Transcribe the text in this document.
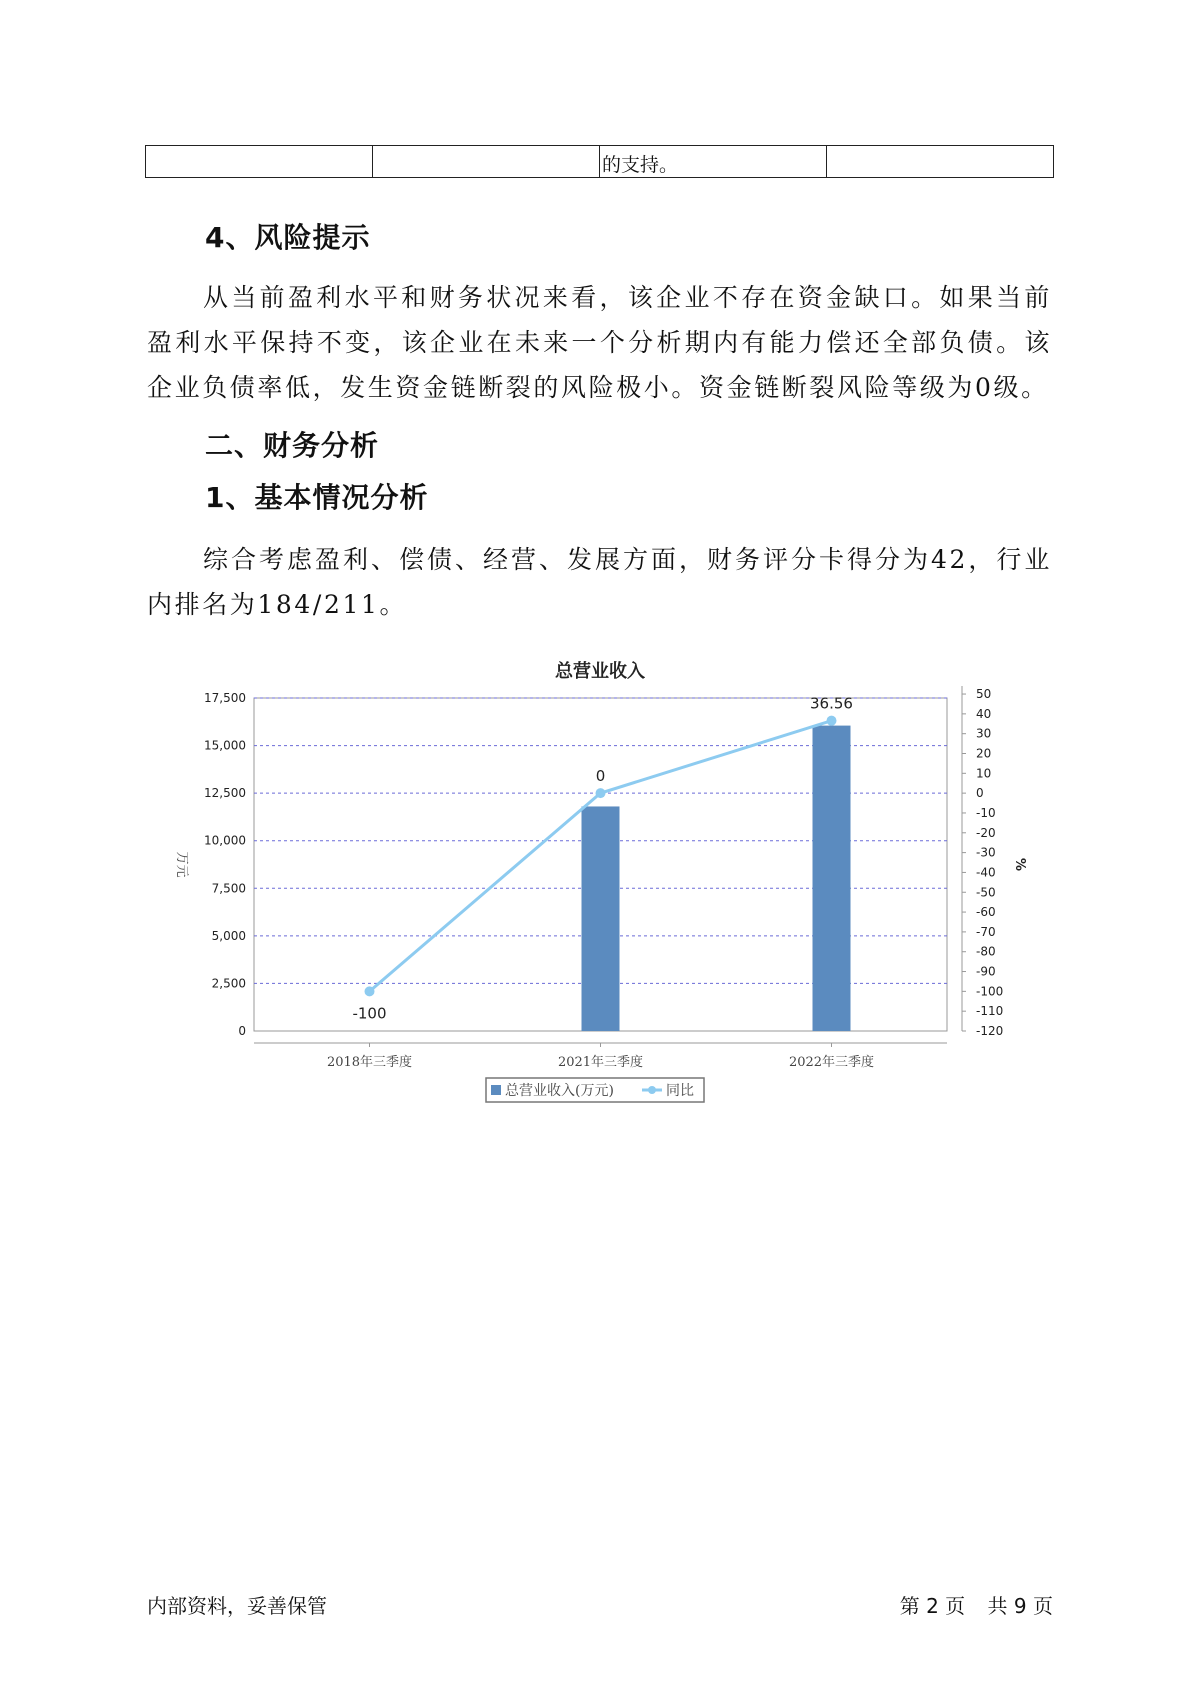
的支持。

4、风险提示

从当前盈利水平和财务状况来看，该企业不存在资金缺口。如果当前盈利水平保持不变，该企业在未来一个分析期内有能力偿还全部负债。该企业负债率低，发生资金链断裂的风险极小。资金链断裂风险等级为0级。

二、财务分析
1、基本情况分析

综合考虑盈利、偿债、经营、发展方面，财务评分卡得分为42，行业内排名为184/211。

总营业收入
0
2,500
5,000
7,500
10,000
12,500
15,000
17,500
万元
-120
-110
-100
-90
-80
-70
-60
-50
-40
-30
-20
-10
0
10
20
30
40
50
%
2018年三季度	2021年三季度	2022年三季度
-100
0
36.56
总营业收入(万元)	同比
内部资料，妥善保管	第 2 页 共 9 页
